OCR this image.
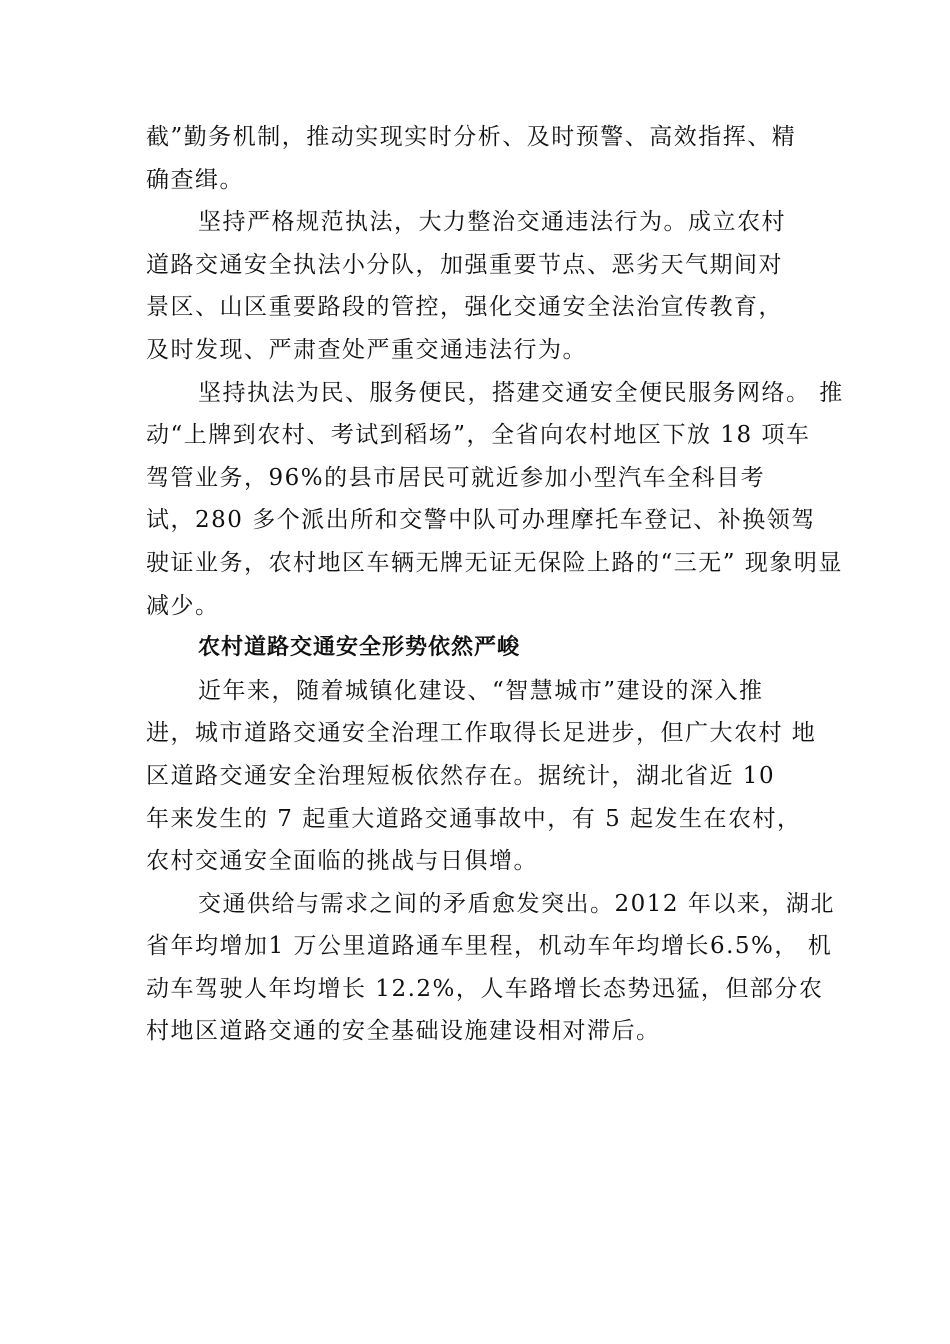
截”勤务机制，推动实现实时分析、及时预警、高效指挥、精
确查缉。
坚持严格规范执法，大力整治交通违法行为。成立农村
道路交通安全执法小分队，加强重要节点、恶劣天气期间对
景区、山区重要路段的管控，强化交通安全法治宣传教育，
及时发现、严肃查处严重交通违法行为。
坚持执法为民、服务便民，搭建交通安全便民服务网络。 推
动“上牌到农村、考试到稻场”，全省向农村地区下放 18 项车
驾管业务，96%的县市居民可就近参加小型汽车全科目考
试，280 多个派出所和交警中队可办理摩托车登记、补换领驾
驶证业务，农村地区车辆无牌无证无保险上路的“三无” 现象明显
减少。
农村道路交通安全形势依然严峻
近年来，随着城镇化建设、“智慧城市”建设的深入推
进，城市道路交通安全治理工作取得长足进步，但广大农村 地
区道路交通安全治理短板依然存在。据统计，湖北省近 10
年来发生的 7 起重大道路交通事故中，有 5 起发生在农村，
农村交通安全面临的挑战与日俱增。
交通供给与需求之间的矛盾愈发突出。2012 年以来，湖北
省年均增加1 万公里道路通车里程，机动车年均增长6.5%， 机
动车驾驶人年均增长 12.2%，人车路增长态势迅猛，但部分农
村地区道路交通的安全基础设施建设相对滞后。
